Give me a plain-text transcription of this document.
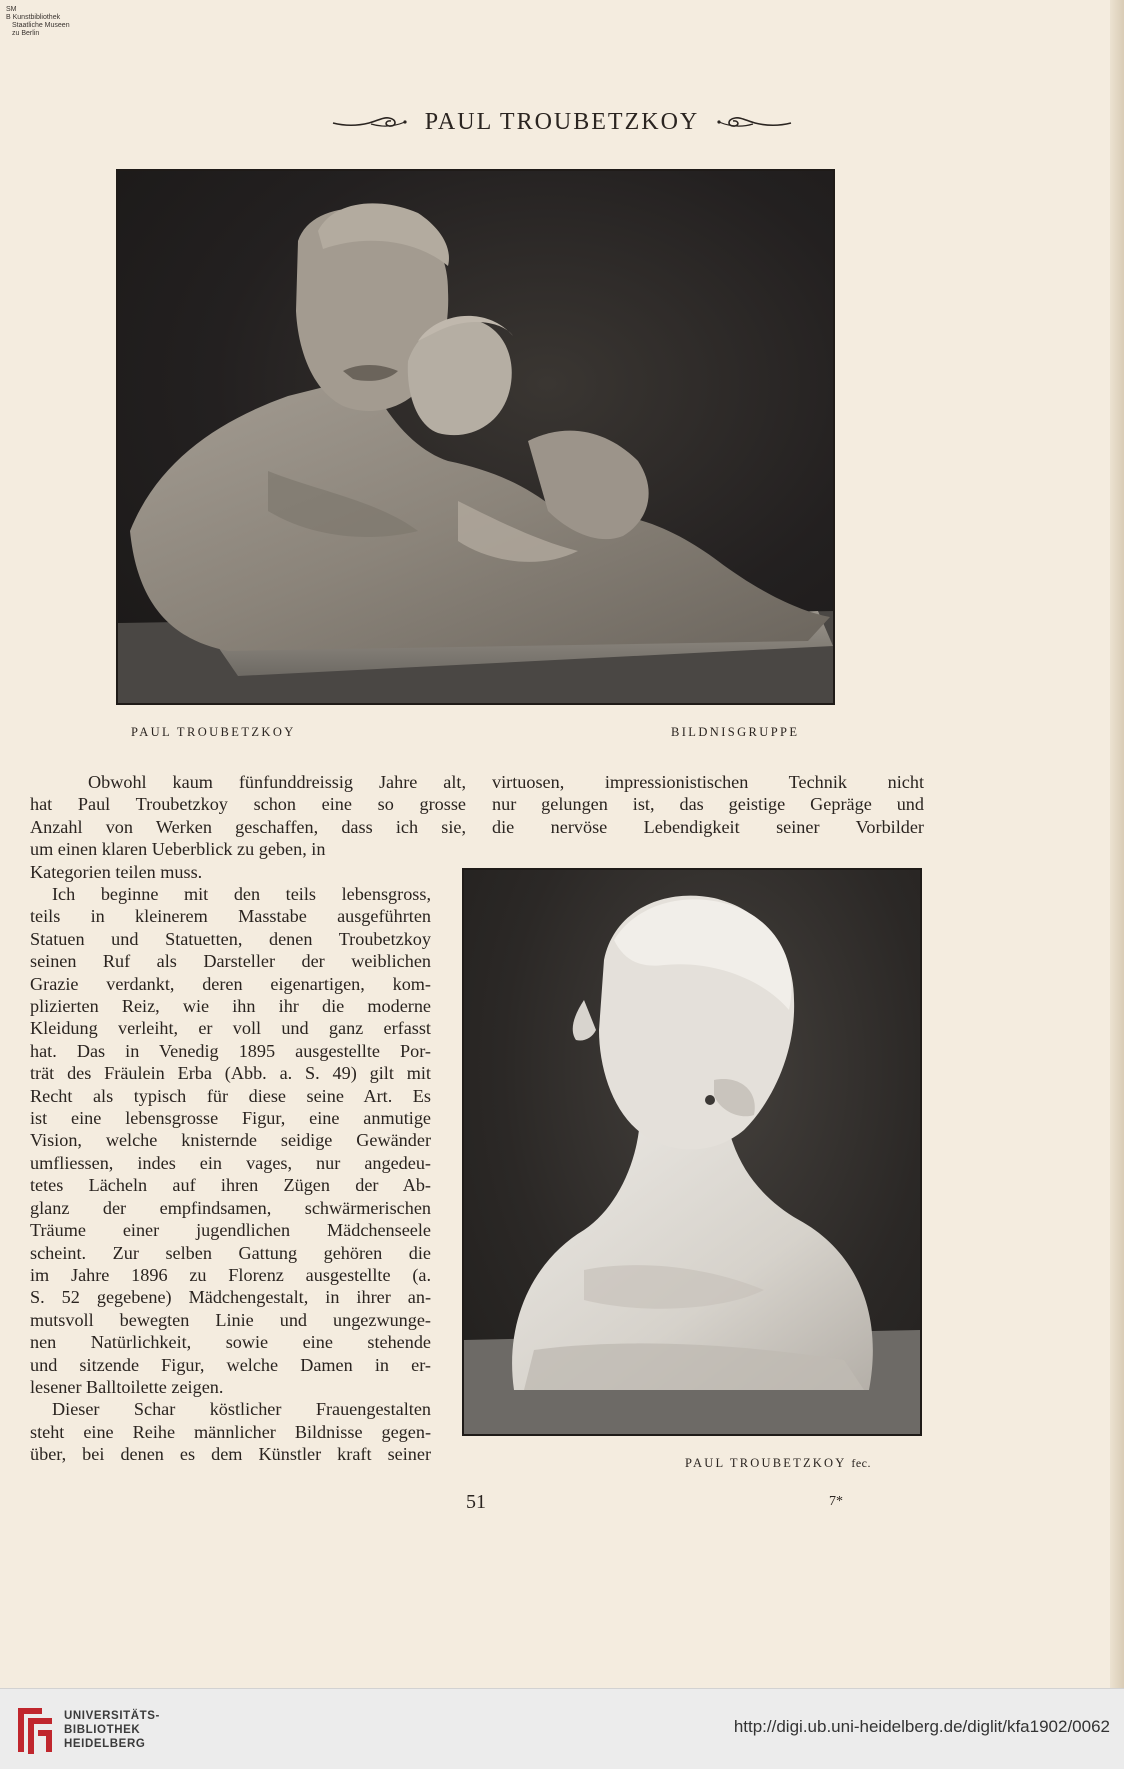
SM
B Kunstbibliothek
Staatliche Museen
zu Berlin
PAUL TROUBETZKOY
PAUL TROUBETZKOY	BILDNISGRUPPE
virtuosen, impressionistischen Technik nicht
nur gelungen ist, das geistige Gepräge und
die nervöse Lebendigkeit seiner Vorbilder
Obwohl kaum fünfunddreissig Jahre alt,
hat Paul Troubetzkoy schon eine so grosse
Anzahl von Werken geschaffen, dass ich sie,
um einen klaren Ueberblick zu geben, in
Kategorien teilen muss.
Ich beginne mit den teils lebensgross,
teils in kleinerem Masstabe ausgeführten
Statuen und Statuetten, denen Troubetzkoy
seinen Ruf als Darsteller der weiblichen
Grazie verdankt, deren eigenartigen, kom-
plizierten Reiz, wie ihn ihr die moderne
Kleidung verleiht, er voll und ganz erfasst
hat. Das in Venedig 1895 ausgestellte Por-
trät des Fräulein Erba (Abb. a. S. 49) gilt mit
Recht als typisch für diese seine Art. Es
ist eine lebensgrosse Figur, eine anmutige
Vision, welche knisternde seidige Gewänder
umfliessen, indes ein vages, nur angedeu-
tetes Lächeln auf ihren Zügen der Ab-
glanz der empfindsamen, schwärmerischen
Träume einer jugendlichen Mädchenseele
scheint. Zur selben Gattung gehören die
im Jahre 1896 zu Florenz ausgestellte (a.
S. 52 gegebene) Mädchengestalt, in ihrer an-
mutsvoll bewegten Linie und ungezwunge-
nen Natürlichkeit, sowie eine stehende
und sitzende Figur, welche Damen in er-
lesener Balltoilette zeigen.
Dieser Schar köstlicher Frauengestalten
steht eine Reihe männlicher Bildnisse gegen-
über, bei denen es dem Künstler kraft seiner	PAUL TROUBETZKOY fec.
51	7*
UNIVERSITÄTS-
BIBLIOTHEK
HEIDELBERG
http://digi.ub.uni-heidelberg.de/diglit/kfa1902/0062
